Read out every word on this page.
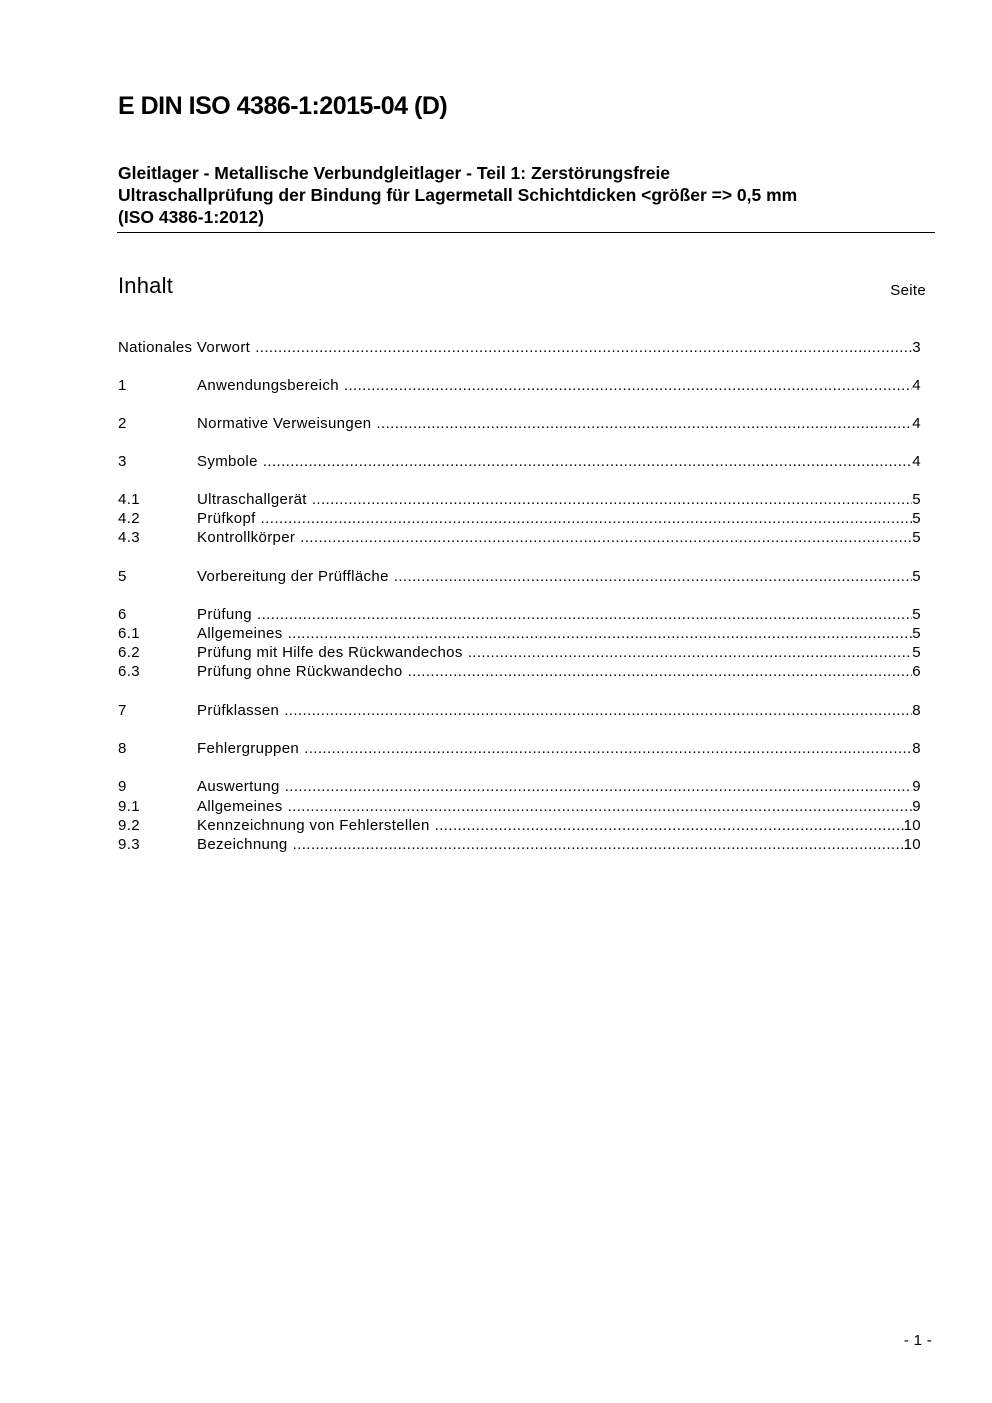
E DIN ISO 4386-1:2015-04 (D)
Gleitlager - Metallische Verbundgleitlager - Teil 1: Zerstörungsfreie
Ultraschallprüfung der Bindung für Lagermetall Schichtdicken <größer => 0,5 mm
(ISO 4386-1:2012)
Inhalt	Seite
Nationales Vorwort .....	3
1	Anwendungsbereich .....	4
2	Normative Verweisungen .....	4
3	Symbole .....	4
4.1	Ultraschallgerät .....	5
4.2	Prüfkopf .....	5
4.3	Kontrollkörper .....	5
5	Vorbereitung der Prüffläche .....	5
6	Prüfung .....	5
6.1	Allgemeines .....	5
6.2	Prüfung mit Hilfe des Rückwandechos .....	5
6.3	Prüfung ohne Rückwandecho .....	6
7	Prüfklassen .....	8
8	Fehlergruppen .....	8
9	Auswertung .....	9
9.1	Allgemeines .....	9
9.2	Kennzeichnung von Fehlerstellen .....	10
9.3	Bezeichnung .....	10
- 1 -
